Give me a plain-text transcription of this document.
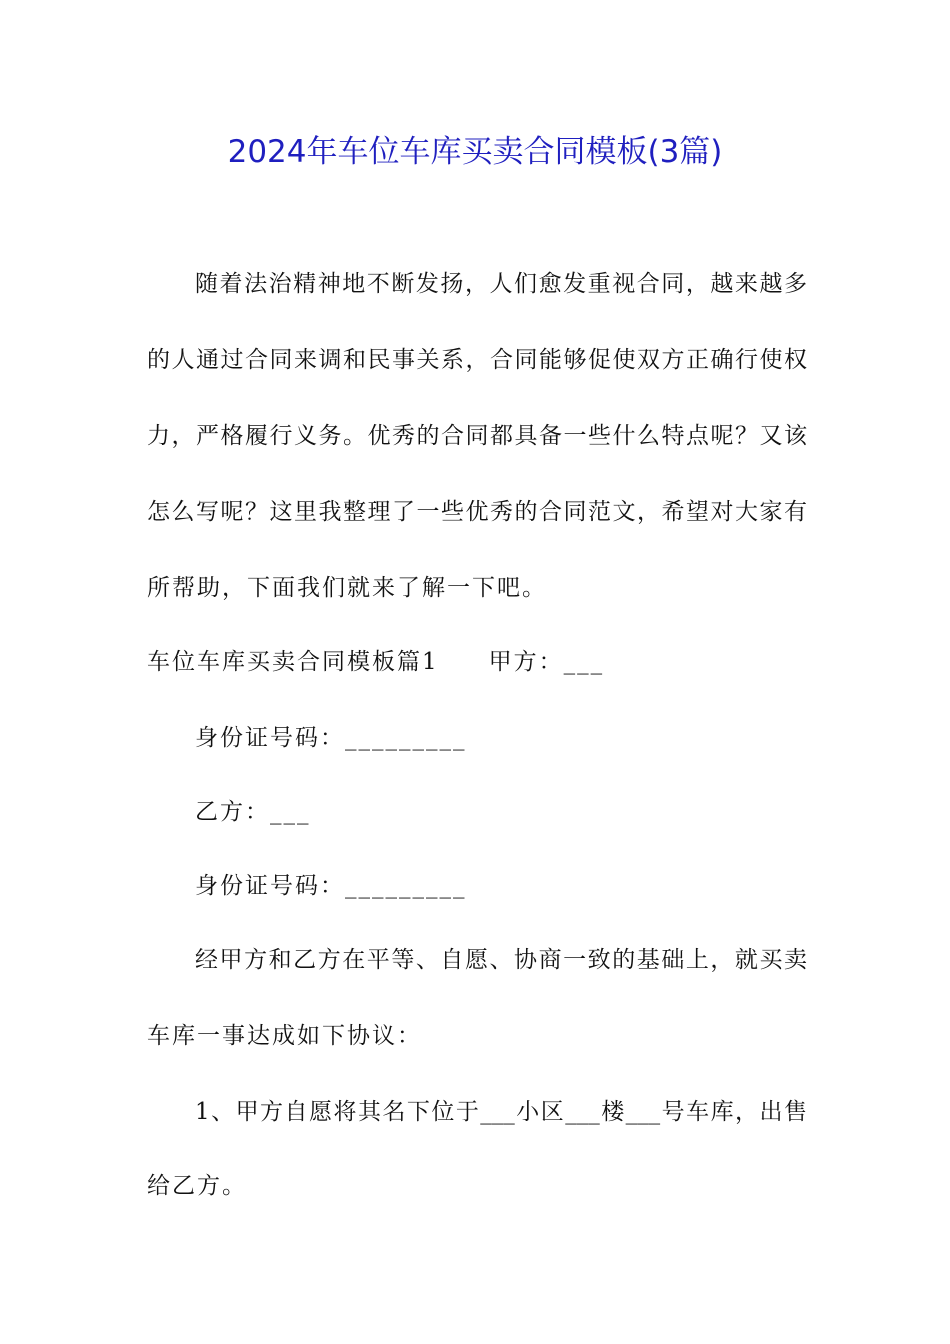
2024年车位车库买卖合同模板(3篇)
随着法治精神地不断发扬，人们愈发重视合同，越来越多
的人通过合同来调和民事关系，合同能够促使双方正确行使权
力，严格履行义务。优秀的合同都具备一些什么特点呢？又该
怎么写呢？这里我整理了一些优秀的合同范文，希望对大家有
所帮助，下面我们就来了解一下吧。
车位车库买卖合同模板篇1 甲方：___
身份证号码：_________
乙方：___
身份证号码：_________
经甲方和乙方在平等、自愿、协商一致的基础上，就买卖
车库一事达成如下协议：
1、甲方自愿将其名下位于___小区___楼___号车库，出售
给乙方。
